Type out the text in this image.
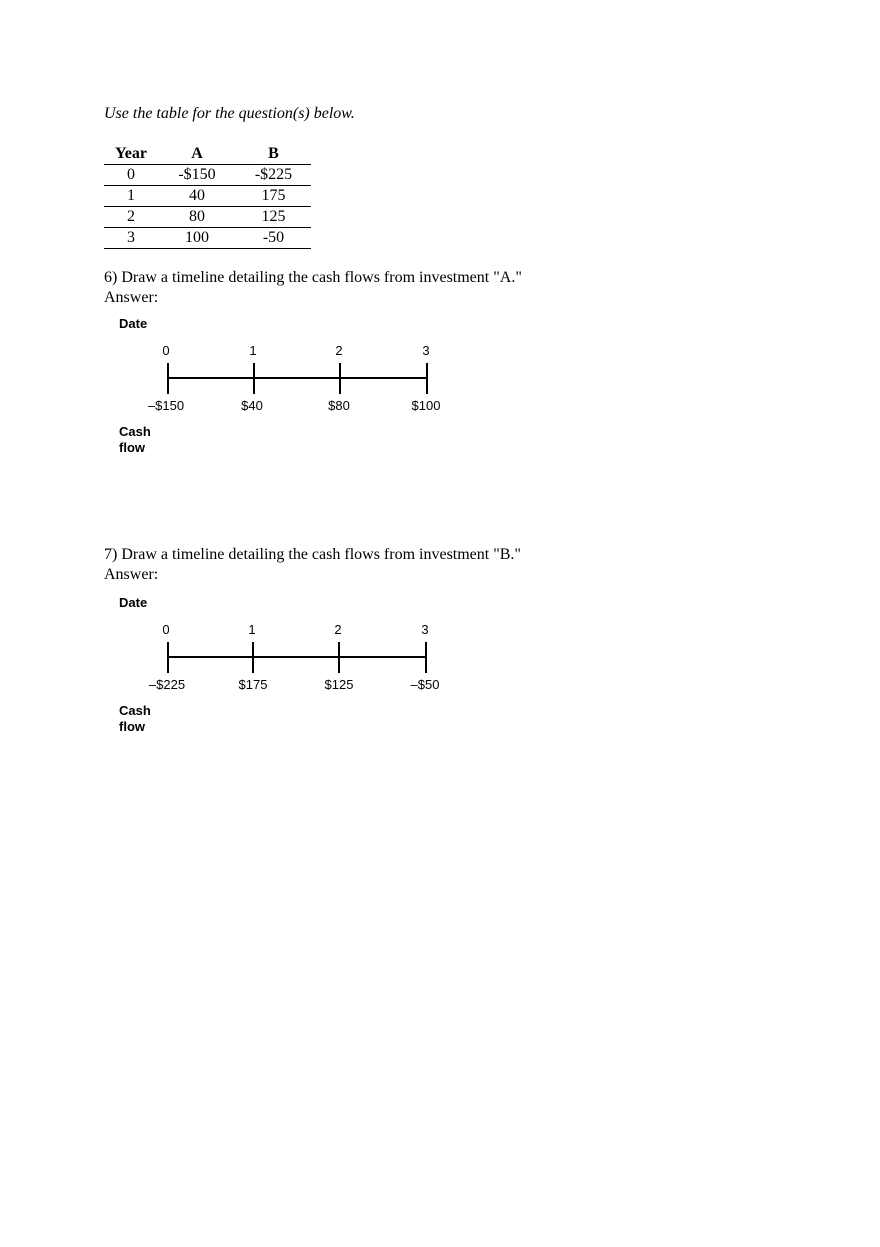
Use the table for the question(s) below.

Year	A	B
0	-$150	-$225
1	40	175
2	80	125
3	100	-50

6) Draw a timeline detailing the cash flows from investment "A."

Answer:

Date
0	1	2	3
–$150	$40	$80	$100
Cash
flow

7) Draw a timeline detailing the cash flows from investment "B."

Answer:

Date
0	1	2	3
–$225	$175	$125	–$50
Cash
flow
